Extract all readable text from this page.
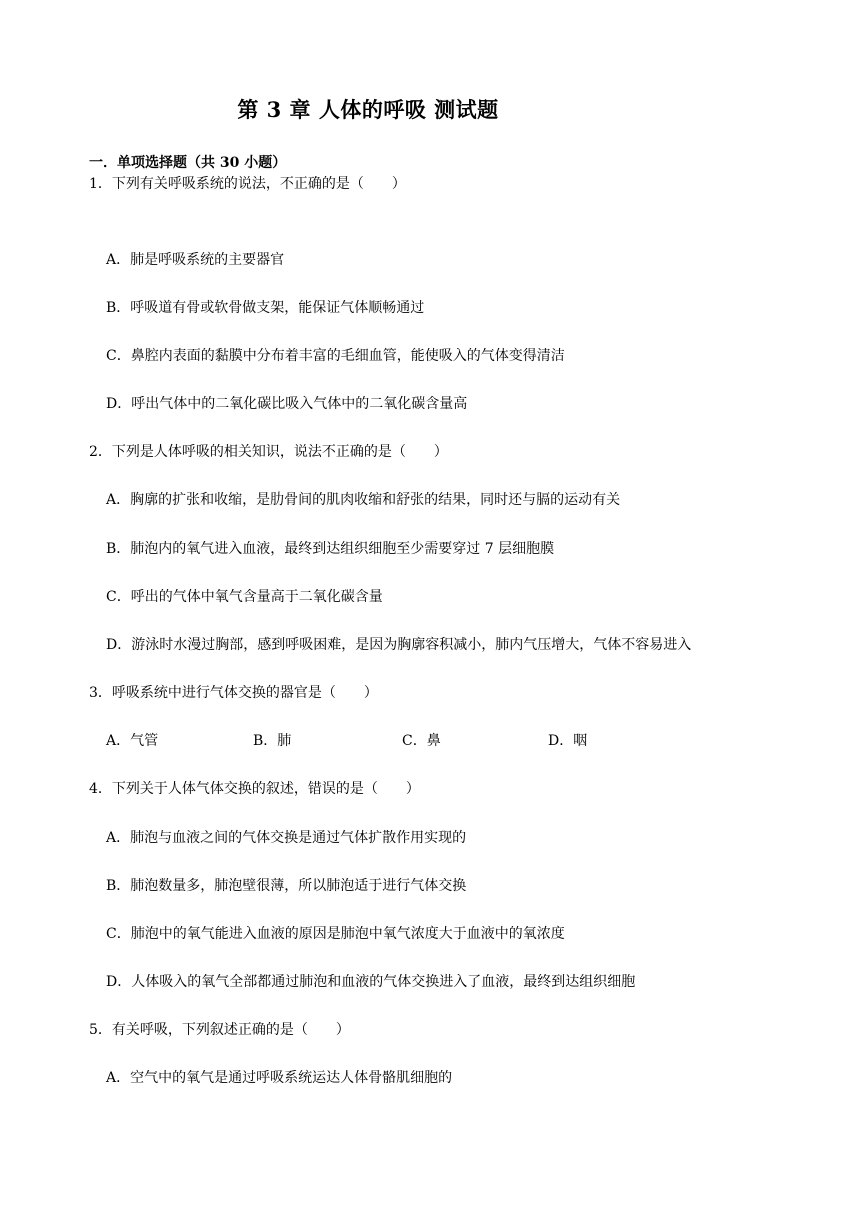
第 3 章 人体的呼吸 测试题
一．单项选择题（共 30 小题）
1．下列有关呼吸系统的说法，不正确的是（　　）
A．肺是呼吸系统的主要器官
B．呼吸道有骨或软骨做支架，能保证气体顺畅通过
C．鼻腔内表面的黏膜中分布着丰富的毛细血管，能使吸入的气体变得清洁
D．呼出气体中的二氧化碳比吸入气体中的二氧化碳含量高
2．下列是人体呼吸的相关知识，说法不正确的是（　　）
A．胸廓的扩张和收缩，是肋骨间的肌肉收缩和舒张的结果，同时还与膈的运动有关
B．肺泡内的氧气进入血液，最终到达组织细胞至少需要穿过 7 层细胞膜
C．呼出的气体中氧气含量高于二氧化碳含量
D．游泳时水漫过胸部，感到呼吸困难，是因为胸廓容积减小，肺内气压增大，气体不容易进入
3．呼吸系统中进行气体交换的器官是（　　）
A．气管	B．肺	C．鼻	D．咽
4．下列关于人体气体交换的叙述，错误的是（　　）
A．肺泡与血液之间的气体交换是通过气体扩散作用实现的
B．肺泡数量多，肺泡壁很薄，所以肺泡适于进行气体交换
C．肺泡中的氧气能进入血液的原因是肺泡中氧气浓度大于血液中的氧浓度
D．人体吸入的氧气全部都通过肺泡和血液的气体交换进入了血液，最终到达组织细胞
5．有关呼吸，下列叙述正确的是（　　）
A．空气中的氧气是通过呼吸系统运达人体骨骼肌细胞的
